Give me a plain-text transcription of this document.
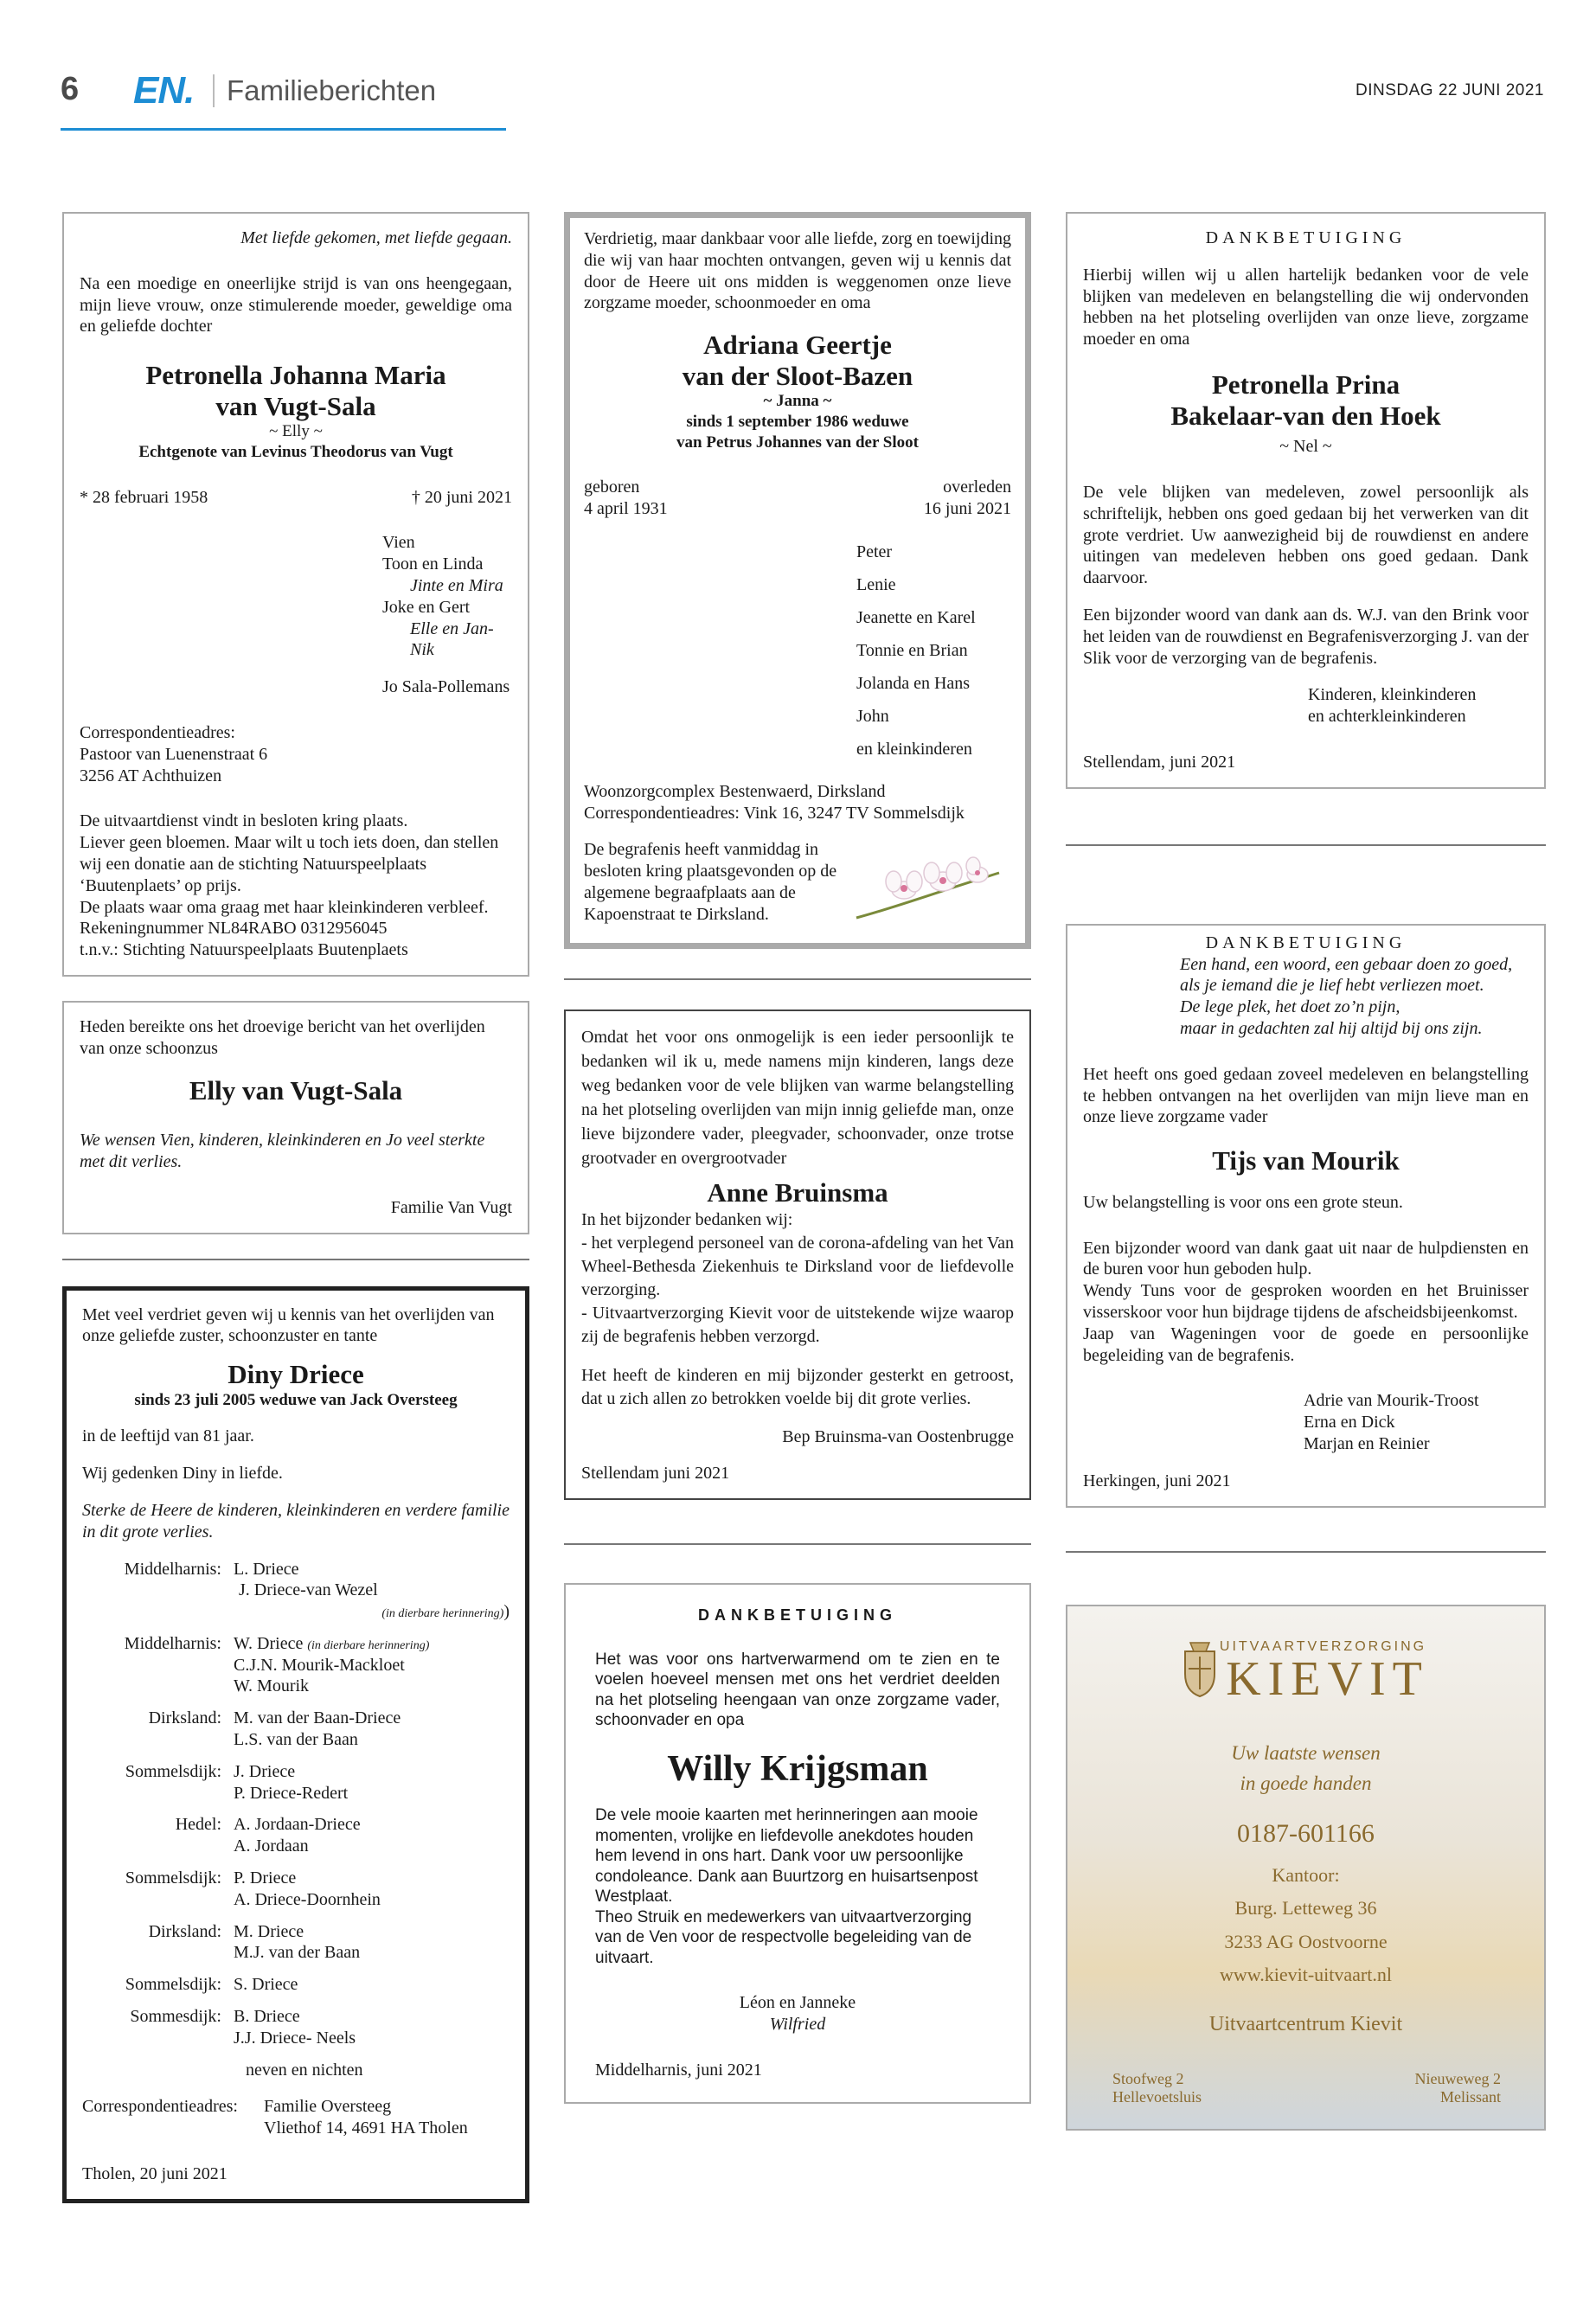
6 EN. Familieberichten	DINSDAG 22 JUNI 2021
Met liefde gekomen, met liefde gegaan.
Na een moedige en oneerlijke strijd is van ons heengegaan, mijn lieve vrouw, onze stimulerende moeder, geweldige oma en geliefde dochter
Petronella Johanna Maria
van Vugt-Sala
~ Elly ~
Echtgenote van Levinus Theodorus van Vugt
* 28 februari 1958	† 20 juni 2021
Vien
Toon en Linda
Jinte en Mira
Joke en Gert
Elle en Jan-Nik
Jo Sala-Pollemans
Correspondentieadres:
Pastoor van Luenenstraat 6
3256 AT Achthuizen
De uitvaartdienst vindt in besloten kring plaats.
Liever geen bloemen. Maar wilt u toch iets doen, dan stellen wij een donatie aan de stichting Natuurspeelplaats ‘Buutenplaets’ op prijs.
De plaats waar oma graag met haar kleinkinderen verbleef.
Rekeningnummer NL84RABO 0312956045
t.n.v.: Stichting Natuurspeelplaats Buutenplaets
Heden bereikte ons het droevige bericht van het overlijden van onze schoonzus
Elly van Vugt-Sala
We wensen Vien, kinderen, kleinkinderen en Jo veel sterkte met dit verlies.
Familie Van Vugt
Met veel verdriet geven wij u kennis van het overlijden van onze geliefde zuster, schoonzuster en tante
Diny Driece
sinds 23 juli 2005 weduwe van Jack Oversteeg
in de leeftijd van 81 jaar.
Wij gedenken Diny in liefde.
Sterke de Heere de kinderen, kleinkinderen en verdere familie in dit grote verlies.
Middelharnis: L. Driece
J. Driece-van Wezel
(in dierbare herinnering))
Middelharnis: W. Driece (in dierbare herinnering)
C.J.N. Mourik-Mackloet
W. Mourik
Dirksland: M. van der Baan-Driece
L.S. van der Baan
Sommelsdijk: J. Driece
P. Driece-Redert
Hedel: A. Jordaan-Driece
A. Jordaan
Sommelsdijk: P. Driece
A. Driece-Doornhein
Dirksland: M. Driece
M.J. van der Baan
Sommelsdijk: S. Driece
Sommesdijk: B. Driece
J.J. Driece- Neels
neven en nichten
Correspondentieadres:	Familie Oversteeg
Vliethof 14, 4691 HA Tholen
Tholen, 20 juni 2021
Verdrietig, maar dankbaar voor alle liefde, zorg en toewijding die wij van haar mochten ontvangen, geven wij u kennis dat door de Heere uit ons midden is weggenomen onze lieve zorgzame moeder, schoonmoeder en oma
Adriana Geertje
van der Sloot-Bazen
~ Janna ~
sinds 1 september 1986 weduwe
van Petrus Johannes van der Sloot
geboren
4 april 1931
overleden
16 juni 2021
Peter
Lenie
Jeanette en Karel
Tonnie en Brian
Jolanda en Hans
John
en kleinkinderen
Woonzorgcomplex Bestenwaerd, Dirksland
Correspondentieadres: Vink 16, 3247 TV Sommelsdijk
De begrafenis heeft vanmiddag in besloten kring plaatsgevonden op de algemene begraafplaats aan de Kapoenstraat te Dirksland.
Omdat het voor ons onmogelijk is een ieder persoonlijk te bedanken wil ik u, mede namens mijn kinderen, langs deze weg bedanken voor de vele blijken van warme belangstelling na het plotseling overlijden van mijn innig geliefde man, onze lieve bijzondere vader, pleegvader, schoonvader, onze trotse grootvader en overgrootvader
Anne Bruinsma
In het bijzonder bedanken wij:
- het verplegend personeel van de corona-afdeling van het Van Wheel-Bethesda Ziekenhuis te Dirksland voor de liefdevolle verzorging.
- Uitvaartverzorging Kievit voor de uitstekende wijze waarop zij de begrafenis hebben verzorgd.
Het heeft de kinderen en mij bijzonder gesterkt en getroost, dat u zich allen zo betrokken voelde bij dit grote verlies.
Bep Bruinsma-van Oostenbrugge
Stellendam juni 2021
DANKBETUIGING
Het was voor ons hartverwarmend om te zien en te voelen hoeveel mensen met ons het verdriet deelden na het plotseling heengaan van onze zorgzame vader, schoonvader en opa
Willy Krijgsman
De vele mooie kaarten met herinneringen aan mooie momenten, vrolijke en liefdevolle anekdotes houden hem levend in ons hart. Dank voor uw persoonlijke condoleance. Dank aan Buurtzorg en huisartsenpost Westplaat.
Theo Struik en medewerkers van uitvaartverzorging van de Ven voor de respectvolle begeleiding van de uitvaart.
Léon en Janneke
Wilfried
Middelharnis, juni 2021
DANKBETUIGING
Hierbij willen wij u allen hartelijk bedanken voor de vele blijken van medeleven en belangstelling die wij ondervonden hebben na het plotseling overlijden van onze lieve, zorgzame moeder en oma
Petronella Prina
Bakelaar-van den Hoek
~ Nel ~
De vele blijken van medeleven, zowel persoonlijk als schriftelijk, hebben ons goed gedaan bij het verwerken van dit grote verdriet. Uw aanwezigheid bij de rouwdienst en andere uitingen van medeleven hebben ons goed gedaan. Dank daarvoor.
Een bijzonder woord van dank aan ds. W.J. van den Brink voor het leiden van de rouwdienst en Begrafenisverzorging J. van der Slik voor de verzorging van de begrafenis.
Kinderen, kleinkinderen
en achterkleinkinderen
Stellendam, juni 2021
DANKBETUIGING
Een hand, een woord, een gebaar doen zo goed,
als je iemand die je lief hebt verliezen moet.
De lege plek, het doet zo’n pijn,
maar in gedachten zal hij altijd bij ons zijn.
Het heeft ons goed gedaan zoveel medeleven en belangstelling te hebben ontvangen na het overlijden van mijn lieve man en onze lieve zorgzame vader
Tijs van Mourik
Uw belangstelling is voor ons een grote steun.
Een bijzonder woord van dank gaat uit naar de hulpdiensten en de buren voor hun geboden hulp.
Wendy Tuns voor de gesproken woorden en het Bruinisser visserskoor voor hun bijdrage tijdens de afscheidsbijeenkomst.
Jaap van Wageningen voor de goede en persoonlijke begeleiding van de begrafenis.
Adrie van Mourik-Troost
Erna en Dick
Marjan en Reinier
Herkingen, juni 2021
UITVAARTVERZORGING
KIEVIT
Uw laatste wensen
in goede handen
0187-601166
Kantoor:
Burg. Letteweg 36
3233 AG Oostvoorne
www.kievit-uitvaart.nl
Uitvaartcentrum Kievit
Stoofweg 2
Hellevoetsluis
Nieuweweg 2
Melissant
